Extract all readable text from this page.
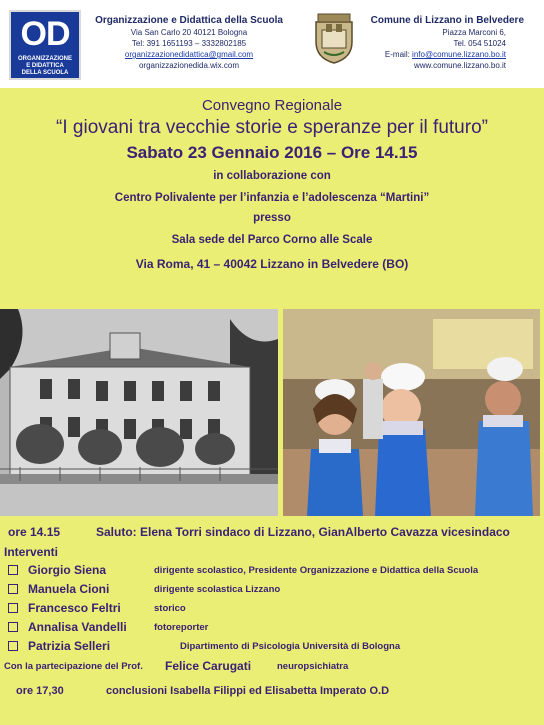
OD
ORGANIZZAZIONE
E DIDATTICA
DELLA SCUOLA
Organizzazione e Didattica della Scuola
Via San Carlo 20 40121 Bologna
Tel: 391 1651193 – 3332802185
organizzazionedidattica@gmail.com
organizzazionedida.wix.com
Comune di Lizzano in Belvedere
Piazza Marconi 6,
Tel. 054 51024
E-mail: info@comune.lizzano.bo.it
www.comune.lizzano.bo.it
Convegno Regionale
“I giovani tra vecchie storie e speranze per il futuro”
Sabato 23 Gennaio 2016 – Ore 14.15
in collaborazione con
Centro Polivalente per l’infanzia e l’adolescenza “Martini”
presso
Sala sede del Parco Corno alle Scale
Via Roma, 41 – 40042 Lizzano in Belvedere (BO)
ore 14.15	Saluto: Elena Torri sindaco di Lizzano, GianAlberto Cavazza vicesindaco
Interventi
Giorgio Siena	dirigente scolastico, Presidente Organizzazione e Didattica della Scuola
Manuela Cioni	dirigente scolastica Lizzano
Francesco Feltri	storico
Annalisa Vandelli	fotoreporter
Patrizia Selleri	Dipartimento di Psicologia Università di Bologna
Con la partecipazione del Prof. Felice Carugati	neuropsichiatra
ore 17,30	conclusioni Isabella Filippi ed Elisabetta Imperato O.D
